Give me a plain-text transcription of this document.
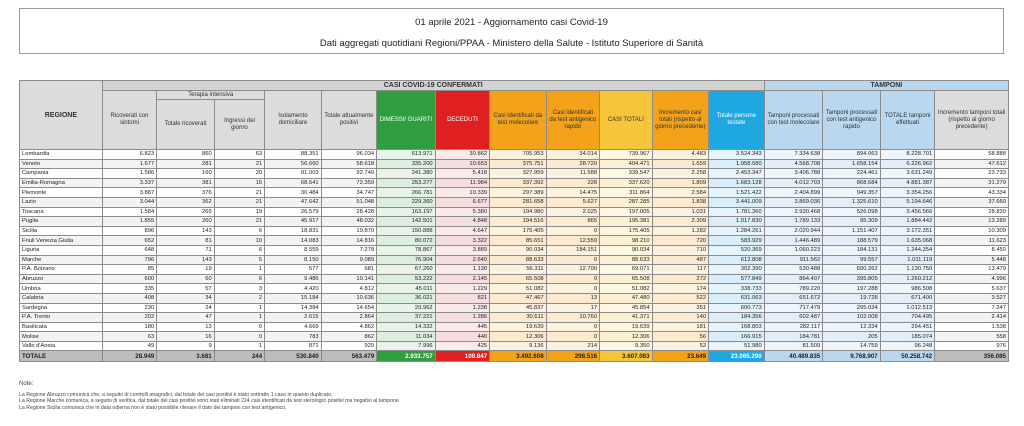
01 aprile 2021 - Aggiornamento casi Covid-19
Dati aggregati quotidiani Regioni/PPAA - Ministero della Salute - Istituto Superiore di Sanità
REGIONE	CASI COVID-19 CONFERMATI												TAMPONI			
	Ricoverati con sintomi	Terapia intensiva		Isolamento domiciliare	Totale attualmente positivi	DIMESSI/ GUARITI	DECEDUTI	Casi identificati da test molecolare	Casi identificati da test antigenico rapido	CASI TOTALI	Incremento casi totali (rispetto al giorno precedente)	Totale persone testate	Tamponi processati con test molecolare	Tamponi processati con test antigenico rapido	TOTALE tamponi effettuati	Incremento tamponi totali (rispetto al giorno precedente)
		Totale ricoverati	Ingressi del giorno													
Lombardia	6.823	860	63	88.351	96.034	613.971	30.862	705.953	34.014	739.967	4.483	3.524.343	7.334.638	894.063	8.228.701	58.888
Veneto	1.677	281	21	56.660	58.618	335.200	10.653	375.751	28.720	404.471	1.659	1.958.580	4.568.708	1.658.154	6.226.962	47.612
Campania	1.586	160	20	91.003	92.749	241.380	5.418	327.959	11.588	339.547	2.258	2.453.347	3.406.788	224.461	3.631.249	23.733
Emilia-Romagna	3.337	381	16	68.641	72.359	253.277	11.984	337.392	228	337.620	1.809	1.683.128	4.012.703	868.684	4.881.387	31.279
Piemonte	3.887	376	21	30.484	34.747	266.781	10.339	297.389	14.475	311.864	2.584	1.521.422	2.404.899	949.357	3.354.256	43.334
Lazio	3.044	362	21	47.642	51.048	229.360	6.677	281.658	5.627	287.285	1.838	3.441.009	3.869.036	1.325.610	5.194.646	37.660
Toscana	1.584	265	19	26.579	28.428	163.197	5.380	194.980	2.025	197.005	1.031	1.781.360	2.930.468	526.098	3.456.566	28.830
Puglia	1.855	260	21	45.917	48.032	142.501	4.848	194.516	865	195.381	2.309	1.017.830	1.789.133	95.309	1.884.442	13.280
Sicilia	896	143	6	18.831	19.870	150.888	4.647	175.405	0	175.405	1.282	1.284.261	2.020.944	1.151.407	3.172.351	10.309
Friuli Venezia Giulia	652	81	10	14.083	14.816	80.072	3.322	85.651	12.559	98.210	720	583.929	1.446.489	188.579	1.635.068	11.623
Liguria	648	71	6	8.559	7.278	78.867	3.889	90.034	184.151	90.034	710	520.369	1.060.223	184.131	1.244.354	8.450
Marche	796	143	5	8.150	9.089	76.904	2.640	88.633	0	88.633	487	612.808	911.562	99.557	1.011.119	5.448
P.A. Bolzano	85	19	1	577	681	67.260	1.130	56.311	12.700	69.071	117	302.390	530.488	600.262	1.130.750	13.479
Abruzzo	600	60	6	9.486	10.141	53.222	2.145	65.508	0	65.508	272	577.849	864.407	395.805	1.260.212	4.996
Umbria	335	57	3	4.420	4.812	45.011	1.229	51.082	0	51.082	174	338.733	789.220	197.288	986.508	5.637
Calabria	408	34	2	15.184	10.636	36.021	821	47.467	13	47.480	522	631.063	651.672	19.728	671.400	3.527
Sardegna	230	24	1	14.384	14.654	29.962	1.238	45.837	17	45.854	351	600.773	717.479	295.034	1.012.513	7.247
P.A. Trento	202	47	1	2.615	2.864	37.221	1.286	30.611	10.760	41.371	140	184.356	602.487	102.008	704.495	2.414
Basilicata	180	13	0	4.669	4.862	14.332	445	19.639	0	19.639	181	168.803	282.117	12.334	294.451	1.538
Molise	63	16	0	783	862	11.034	440	12.306	0	12.306	56	166.915	184.781	205	185.074	558
Valle d'Aosta	49	9	1	871	929	7.996	425	9.136	214	9.350	52	51.980	81.509	14.759	96.248	976
TOTALE	28.949	3.681	244	530.840	563.479	2.933.757	109.847	3.492.608	298.516	3.607.083	23.649	23.065.290	40.489.835	9.768.907	50.258.742	356.085
Note:
La Regione Abruzzo comunica che, a seguito di controlli anagrafici, dal totale dei casi positivi è stato sottratto 1 caso in quanto duplicato.
La Regione Marche comunica, a seguito di verifica, dal totale dei casi positivi sono stati eliminati 224 casi identificati da test sierologici positivi ma negativi al tampone.
La Regione Sicilia comunica che in data odierna non è stato possibile rilevare il dato dei tamponi con test antigenico.
